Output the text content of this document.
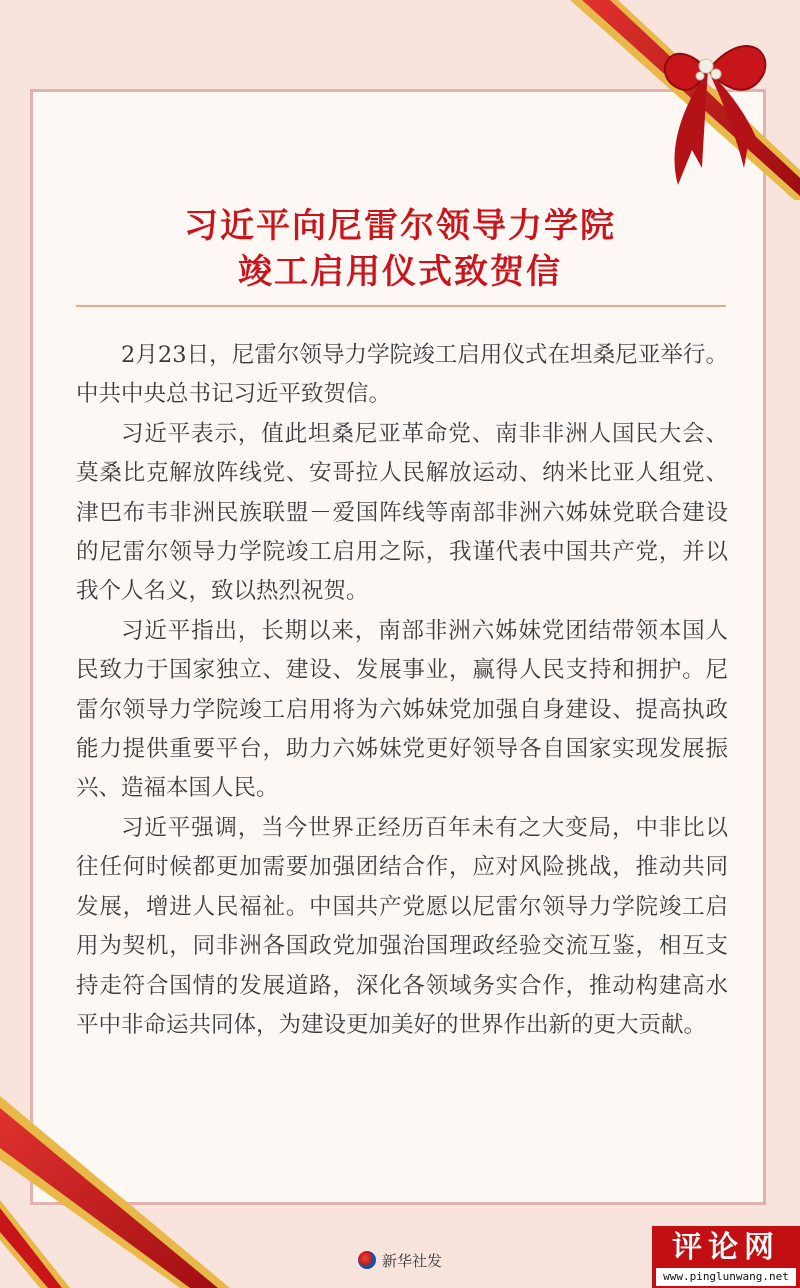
习近平向尼雷尔领导力学院
竣工启用仪式致贺信

2月23日，尼雷尔领导力学院竣工启用仪式在坦桑尼亚举行。中共中央总书记习近平致贺信。

习近平表示，值此坦桑尼亚革命党、南非非洲人国民大会、莫桑比克解放阵线党、安哥拉人民解放运动、纳米比亚人组党、津巴布韦非洲民族联盟－爱国阵线等南部非洲六姊妹党联合建设的尼雷尔领导力学院竣工启用之际，我谨代表中国共产党，并以我个人名义，致以热烈祝贺。

习近平指出，长期以来，南部非洲六姊妹党团结带领本国人民致力于国家独立、建设、发展事业，赢得人民支持和拥护。尼雷尔领导力学院竣工启用将为六姊妹党加强自身建设、提高执政能力提供重要平台，助力六姊妹党更好领导各自国家实现发展振兴、造福本国人民。

习近平强调，当今世界正经历百年未有之大变局，中非比以往任何时候都更加需要加强团结合作，应对风险挑战，推动共同发展，增进人民福祉。中国共产党愿以尼雷尔领导力学院竣工启用为契机，同非洲各国政党加强治国理政经验交流互鉴，相互支持走符合国情的发展道路，深化各领域务实合作，推动构建高水平中非命运共同体，为建设更加美好的世界作出新的更大贡献。

新华社发	评论网
www.pinglunwang.net
